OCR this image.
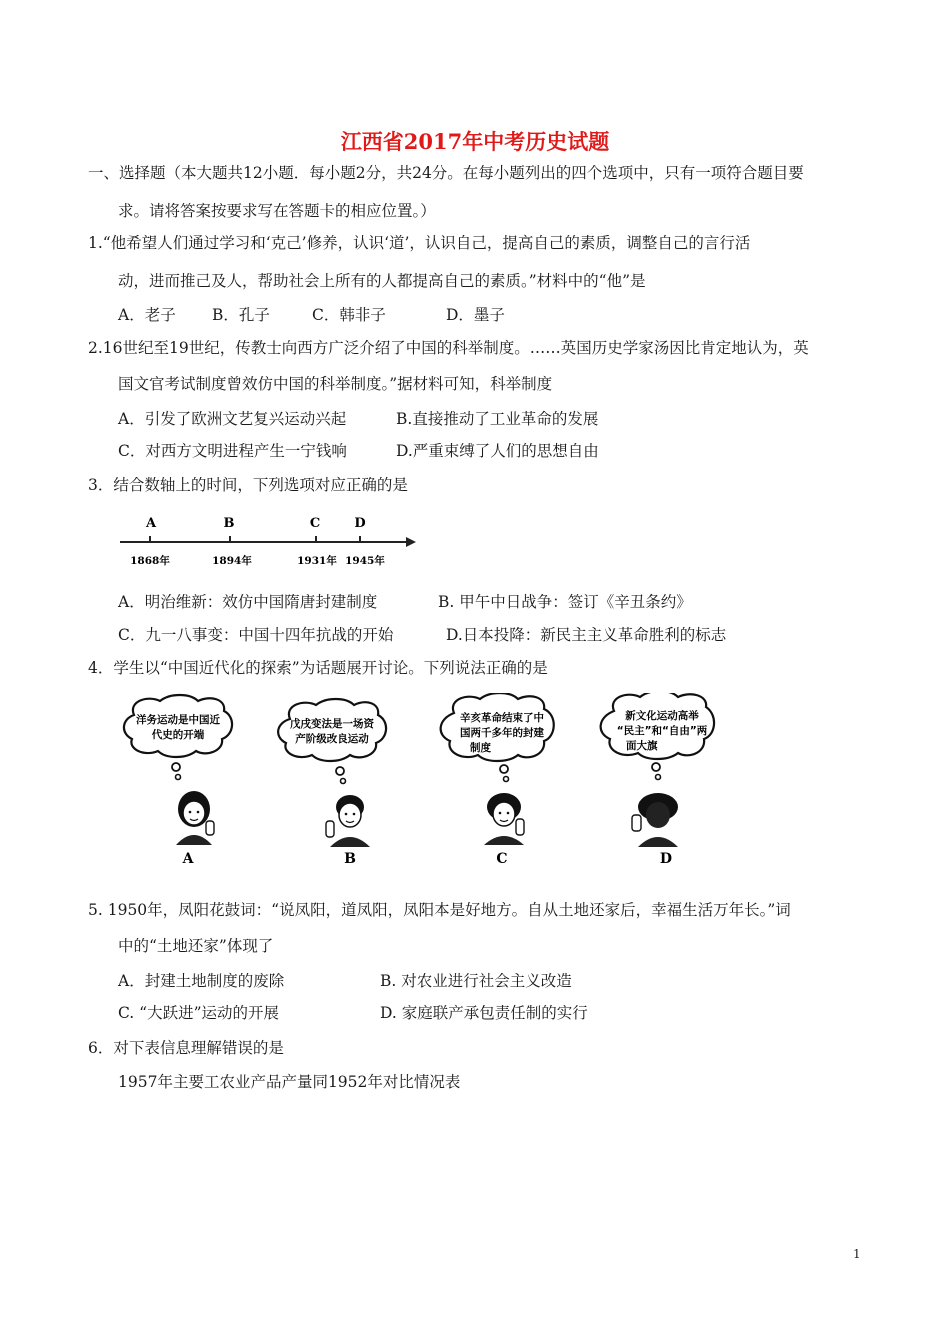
江西省2017年中考历史试题
一、选择题（本大题共12小题．每小题2分，共24分。在每小题列出的四个选项中，只有一项符合题目要
求。请将答案按要求写在答题卡的相应位置。）
1.“他希望人们通过学习和‘克己’修养，认识‘道’，认识自己，提高自己的素质，调整自己的言行活
动，进而推己及人，帮助社会上所有的人都提高自己的素质。”材料中的“他”是
A．老子 B．孔子	C．韩非子	D．墨子
2.16世纪至19世纪，传教士向西方广泛介绍了中国的科举制度。……英国历史学家汤因比肯定地认为，英
国文官考试制度曾效仿中国的科举制度。”据材料可知，科举制度
A．引发了欧洲文艺复兴运动兴起	B.直接推动了工业革命的发展
C．对西方文明进程产生一宁钱响	D.严重束缚了人们的思想自由
3．结合数轴上的时间，下列选项对应正确的是
A
1868年
B
1894年
C
1931年
D
1945年
A．明治维新：效仿中国隋唐封建制度	B. 甲午中日战争：签订《辛丑条约》
C．九一八事变：中国十四年抗战的开始	D.日本投降：新民主主义革命胜利的标志
4．学生以“中国近代化的探索”为话题展开讨论。下列说法正确的是
洋务运动是中国近
代史的开端
A
戊戌变法是一场资
产阶级改良运动
B
辛亥革命结束了中
国两千多年的封建
制度
C
新文化运动高举
“民主”和“自由”两
面大旗
D
5. 1950年，凤阳花鼓词：“说凤阳，道凤阳，凤阳本是好地方。自从土地还家后，幸福生活万年长。”词
中的“土地还家”体现了
A．封建土地制度的废除	B. 对农业进行社会主义改造
C. “大跃进”运动的开展	D. 家庭联产承包责任制的实行
6．对下表信息理解错误的是
1957年主要工农业产品产量同1952年对比情况表
1
